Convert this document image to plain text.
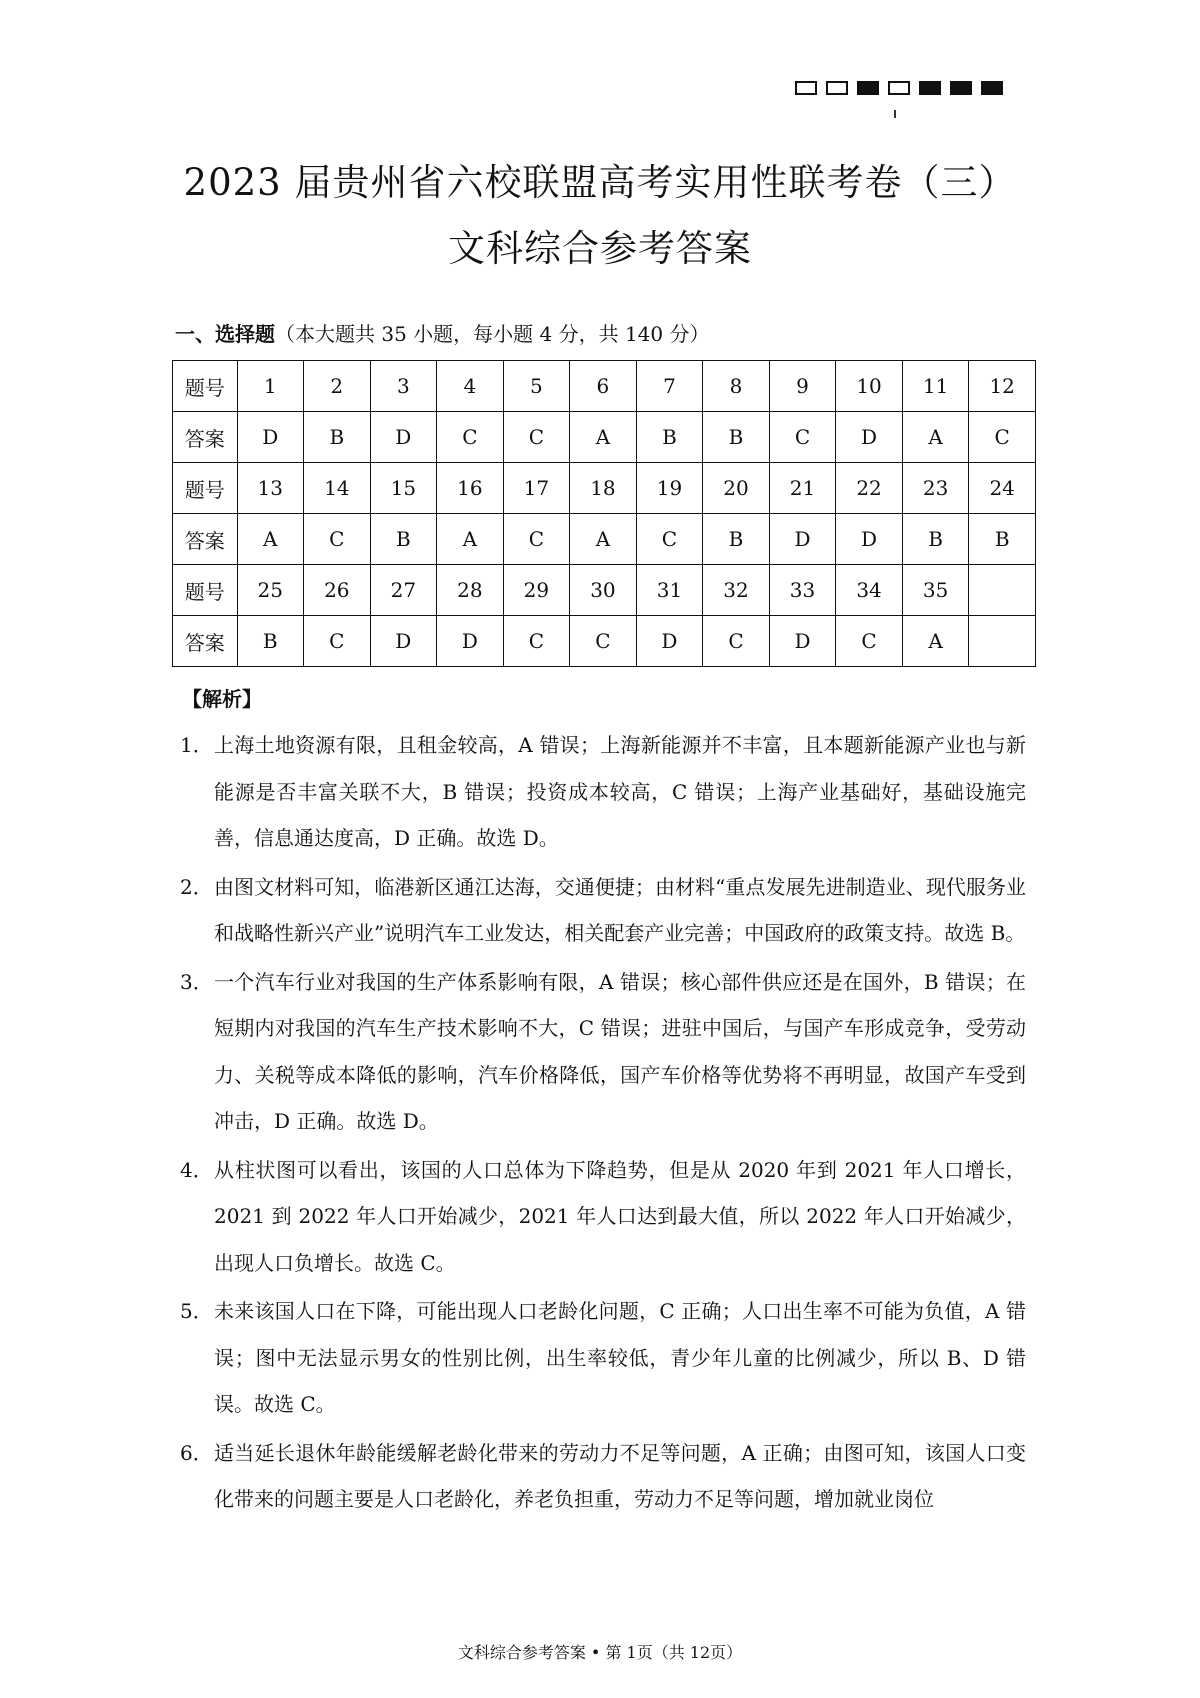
2023 届贵州省六校联盟高考实用性联考卷（三）
文科综合参考答案
一、选择题（本大题共 35 小题，每小题 4 分，共 140 分）
题号	1	2	3	4	5	6	7	8	9	10	11	12
答案	D	B	D	C	C	A	B	B	C	D	A	C
题号	13	14	15	16	17	18	19	20	21	22	23	24
答案	A	C	B	A	C	A	C	B	D	D	B	B
题号	25	26	27	28	29	30	31	32	33	34	35	
答案	B	C	D	D	C	C	D	C	D	C	A	
【解析】
1． 上海土地资源有限，且租金较高，A 错误；上海新能源并不丰富，且本题新能源产业也与新能源是否丰富关联不大，B 错误；投资成本较高，C 错误；上海产业基础好，基础设施完善，信息通达度高，D 正确。故选 D。
2． 由图文材料可知，临港新区通江达海，交通便捷；由材料“重点发展先进制造业、现代服务业和战略性新兴产业”说明汽车工业发达，相关配套产业完善；中国政府的政策支持。故选 B。
3． 一个汽车行业对我国的生产体系影响有限，A 错误；核心部件供应还是在国外，B 错误；在短期内对我国的汽车生产技术影响不大，C 错误；进驻中国后，与国产车形成竞争，受劳动力、关税等成本降低的影响，汽车价格降低，国产车价格等优势将不再明显，故国产车受到冲击，D 正确。故选 D。
4． 从柱状图可以看出，该国的人口总体为下降趋势，但是从 2020 年到 2021 年人口增长，2021 到 2022 年人口开始减少，2021 年人口达到最大值，所以 2022 年人口开始减少，出现人口负增长。故选 C。
5． 未来该国人口在下降，可能出现人口老龄化问题，C 正确；人口出生率不可能为负值，A 错误；图中无法显示男女的性别比例，出生率较低，青少年儿童的比例减少，所以 B、D 错误。故选 C。
6． 适当延长退休年龄能缓解老龄化带来的劳动力不足等问题，A 正确；由图可知，该国人口变化带来的问题主要是人口老龄化，养老负担重，劳动力不足等问题，增加就业岗位
文科综合参考答案 • 第 1页（共 12页）
